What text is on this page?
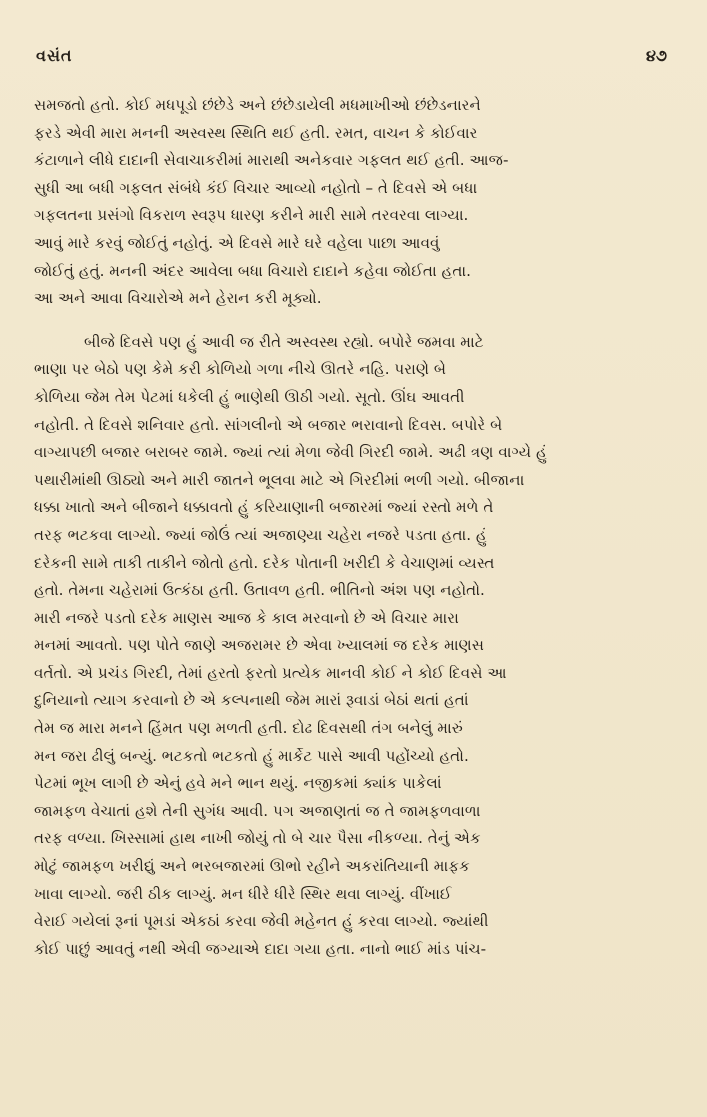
વસંત	૪૭

સમજતો હતો. કોઈ મધપૂડો છંછેડે અને છંછેડાયેલી મધમાખીઓ છંછેડનારને
ફરડે એવી મારા મનની અસ્વસ્થ સ્થિતિ થઈ હતી. રમત, વાચન કે કોઈવાર
કંટાળાને લીધે દાદાની સેવાચાકરીમાં મારાથી અનેકવાર ગફલત થઈ હતી. આજ-
સુધી આ બધી ગફલત સંબંધે કંઈ વિચાર આવ્યો નહોતો – તે દિવસે એ બધા
ગફલતના પ્રસંગો વિકરાળ સ્વરૂપ ધારણ કરીને મારી સામે તરવરવા લાગ્યા.
આવું મારે કરવું જોઈતું નહોતું. એ દિવસે મારે ઘરે વહેલા પાછા આવવું
જોઈતું હતું. મનની અંદર આવેલા બધા વિચારો દાદાને કહેવા જોઈતા હતા.
આ અને આવા વિચારોએ મને હેરાન કરી મૂક્યો.

બીજે દિવસે પણ હું આવી જ રીતે અસ્વસ્થ રહ્યો. બપોરે જમવા માટે
ભાણા પર બેઠો પણ કેમે કરી કોળિયો ગળા નીચે ઊતરે નહિ. પરાણે બે
કોળિયા જેમ તેમ પેટમાં ધકેલી હું ભાણેથી ઊઠી ગયો. સૂતો. ઊંઘ આવતી
નહોતી. તે દિવસે શનિવાર હતો. સાંગલીનો એ બજાર ભરાવાનો દિવસ. બપોરે બે
વાગ્યાપછી બજાર બરાબર જામે. જ્યાં ત્યાં મેળા જેવી ગિરદી જામે. અઢી ત્રણ વાગ્યે હું
પથારીમાંથી ઊઠ્યો અને મારી જાતને ભૂલવા માટે એ ગિરદીમાં ભળી ગયો. બીજાના
ધક્કા ખાતો અને બીજાને ધક્કાવતો હું કરિયાણાની બજારમાં જ્યાં રસ્તો મળે તે
તરફ ભટકવા લાગ્યો. જ્યાં જોઉં ત્યાં અજાણ્યા ચહેરા નજરે પડતા હતા. હું
દરેકની સામે તાકી તાકીને જોતો હતો. દરેક પોતાની ખરીદી કે વેચાણમાં વ્યસ્ત
હતો. તેમના ચહેરામાં ઉત્કંઠા હતી. ઉતાવળ હતી. ભીતિનો અંશ પણ નહોતો.
મારી નજરે પડતો દરેક માણસ આજ કે કાલ મરવાનો છે એ વિચાર મારા
મનમાં આવતો. પણ પોતે જાણે અજરામર છે એવા ખ્યાલમાં જ દરેક માણસ
વર્તતો. એ પ્રચંડ ગિરદી, તેમાં હરતો ફરતો પ્રત્યેક માનવી કોઈ ને કોઈ દિવસે આ
દુનિયાનો ત્યાગ કરવાનો છે એ કલ્પનાથી જેમ મારાં રૂવાડાં બેઠાં થતાં હતાં
તેમ જ મારા મનને હિંમત પણ મળતી હતી. દોઢ દિવસથી તંગ બનેલું મારું
મન જરા ઢીલું બન્યું. ભટકતો ભટકતો હું માર્કેટ પાસે આવી પહોંચ્યો હતો.
પેટમાં ભૂખ લાગી છે એનું હવે મને ભાન થયું. નજીકમાં ક્યાંક પાકેલાં
જામફળ વેચાતાં હશે તેની સુગંધ આવી. પગ અજાણતાં જ તે જામફળવાળા
તરફ વળ્યા. ખિસ્સામાં હાથ નાખી જોયું તો બે ચાર પૈસા નીકળ્યા. તેનું એક
મોટું જામફળ ખરીદ્યું અને ભરબજારમાં ઊભો રહીને અકરાંતિયાની માફક
ખાવા લાગ્યો. જરી ઠીક લાગ્યું. મન ધીરે ધીરે સ્થિર થવા લાગ્યું. વીંખાઈ
વેરાઈ ગયેલાં રૂનાં પૂમડાં એકઠાં કરવા જેવી મહેનત હું કરવા લાગ્યો. જ્યાંથી
કોઈ પાછું આવતું નથી એવી જગ્યાએ દાદા ગયા હતા. નાનો ભાઈ માંડ પાંચ-
